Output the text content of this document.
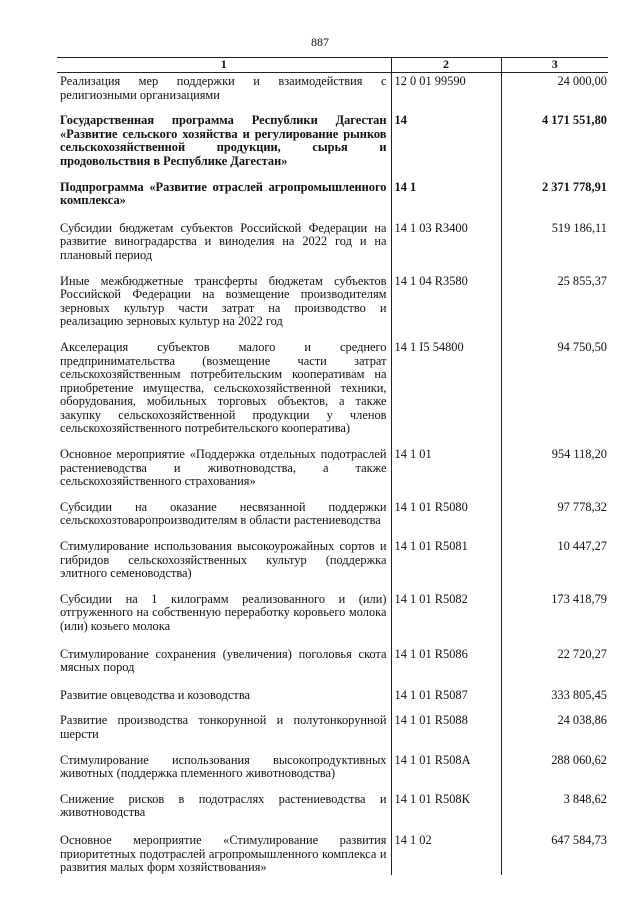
887
1	2	3
Реализация мер поддержки и взаимодействия с религиозными организациями	12 0 01 99590	24 000,00
Государственная программа Республики Дагестан «Развитие сельского хозяйства и регулирование рынков сельскохозяйственной продукции, сырья и продовольствия в Республике Дагестан»	14	4 171 551,80
Подпрограмма «Развитие отраслей агропромышленного комплекса»	14 1	2 371 778,91
Субсидии бюджетам субъектов Российской Федерации на развитие виноградарства и виноделия на 2022 год и на плановый период	14 1 03 R3400	519 186,11
Иные межбюджетные трансферты бюджетам субъектов Российской Федерации на возмещение производителям зерновых культур части затрат на производство и реализацию зерновых культур на 2022 год	14 1 04 R3580	25 855,37
Акселерация субъектов малого и среднего предпринимательства (возмещение части затрат сельскохозяйственным потребительским кооперативам на приобретение имущества, сельскохозяйственной техники, оборудования, мобильных торговых объектов, а также закупку сельскохозяйственной продукции у членов сельскохозяйственного потребительского кооператива)	14 1 I5 54800	94 750,50
Основное мероприятие «Поддержка отдельных подотраслей растениеводства и животноводства, а также сельскохозяйственного страхования»	14 1 01	954 118,20
Субсидии на оказание несвязанной поддержки сельскохозтоваропроизводителям в области растениеводства	14 1 01 R5080	97 778,32
Стимулирование использования высокоурожайных сортов и гибридов сельскохозяйственных культур (поддержка элитного семеноводства)	14 1 01 R5081	10 447,27
Субсидии на 1 килограмм реализованного и (или) отгруженного на собственную переработку коровьего молока (или) козьего молока	14 1 01 R5082	173 418,79
Стимулирование сохранения (увеличения) поголовья скота мясных пород	14 1 01 R5086	22 720,27
Развитие овцеводства и козоводства	14 1 01 R5087	333 805,45
Развитие производства тонкорунной и полутонкорунной шерсти	14 1 01 R5088	24 038,86
Стимулирование использования высокопродуктивных животных (поддержка племенного животноводства)	14 1 01 R508А	288 060,62
Снижение рисков в подотраслях растениеводства и животноводства	14 1 01 R508К	3 848,62
Основное мероприятие «Стимулирование развития приоритетных подотраслей агропромышленного комплекса и развития малых форм хозяйствования»	14 1 02	647 584,73
